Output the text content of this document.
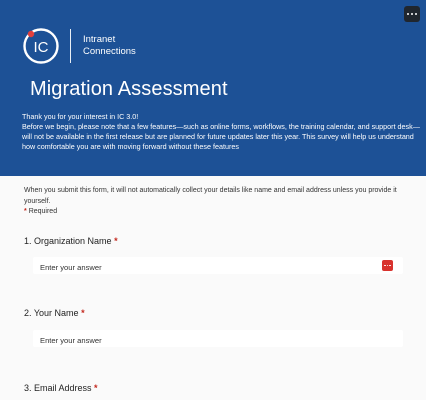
IC	Intranet
Connections
Migration Assessment

Thank you for your interest in IC 3.0!

Before we begin, please note that a few features—such as online forms, workflows, the training calendar, and support desk—will not be available in the first release but are planned for future updates later this year. This survey will help us understand how comfortable you are with moving forward without these features

When you submit this form, it will not automatically collect your details like name and email address unless you provide it yourself.

* Required
1. Organization Name *
Enter your answer
2. Your Name *
Enter your answer
3. Email Address *
